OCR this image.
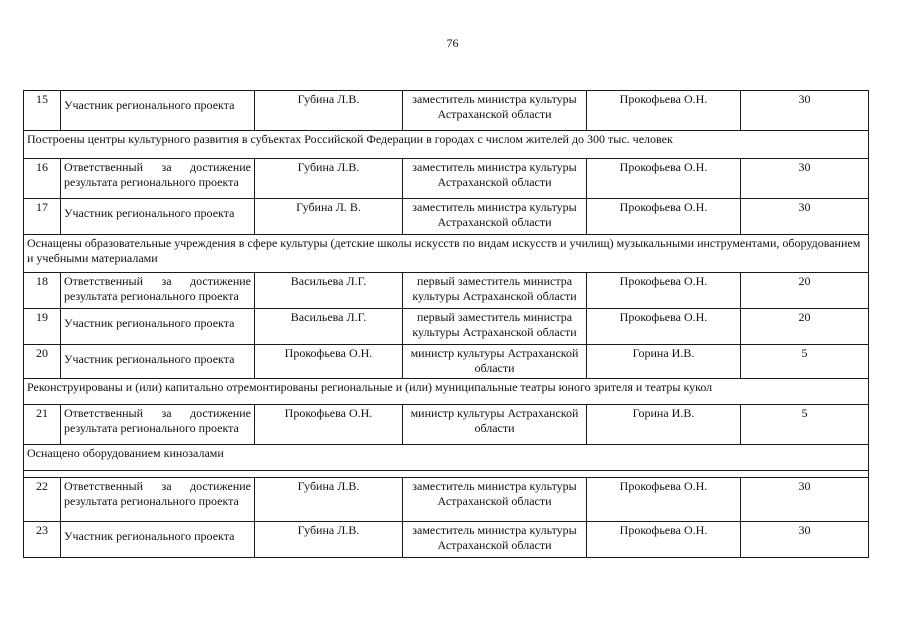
76
15	Участник регионального проекта	Губина Л.В.	заместитель министра культуры Астраханской области	Прокофьева О.Н.	30
Построены центры культурного развития в субъектах Российской Федерации в городах с числом жителей до 300 тыс. человек					
16	Ответственный за достижение результата регионального проекта	Губина Л.В.	заместитель министра культуры Астраханской области	Прокофьева О.Н.	30
17	Участник регионального проекта	Губина Л. В.	заместитель министра культуры Астраханской области	Прокофьева О.Н.	30
Оснащены образовательные учреждения в сфере культуры (детские школы искусств по видам искусств и училищ) музыкальными инструментами, оборудованием и учебными материалами					
18	Ответственный за достижение результата регионального проекта	Васильева Л.Г.	первый заместитель министра культуры Астраханской области	Прокофьева О.Н.	20
19	Участник регионального проекта	Васильева Л.Г.	первый заместитель министра культуры Астраханской области	Прокофьева О.Н.	20
20	Участник регионального проекта	Прокофьева О.Н.	министр культуры Астраханской области	Горина И.В.	5
Реконструированы и (или) капитально отремонтированы региональные и (или) муниципальные театры юного зрителя и театры кукол					
21	Ответственный за достижение результата регионального проекта	Прокофьева О.Н.	министр культуры Астраханской области	Горина И.В.	5
Оснащено оборудованием кинозалами					

22	Ответственный за достижение результата регионального проекта	Губина Л.В.	заместитель министра культуры Астраханской области	Прокофьева О.Н.	30
23	Участник регионального проекта	Губина Л.В.	заместитель министра культуры Астраханской области	Прокофьева О.Н.	30
